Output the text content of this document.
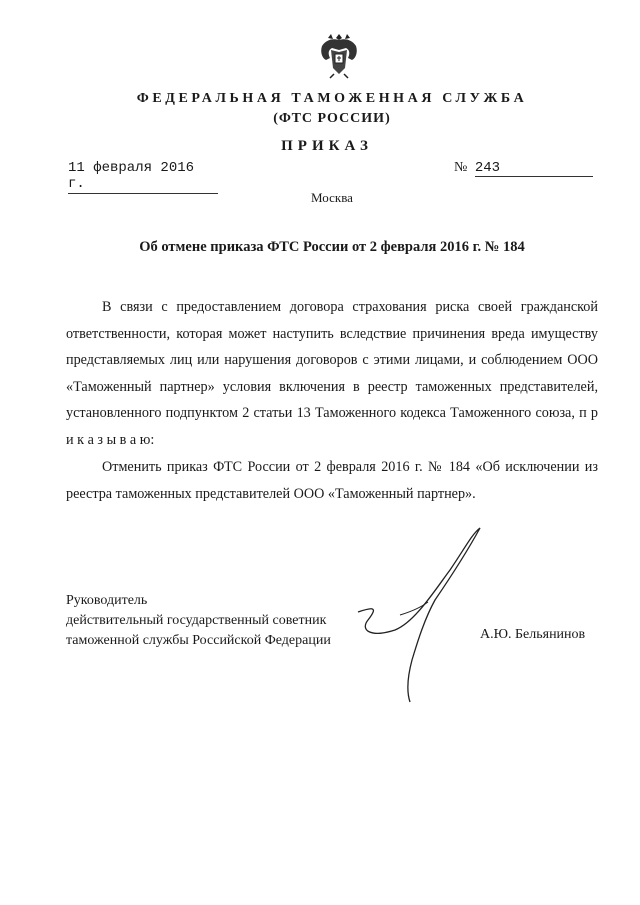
ФЕДЕРАЛЬНАЯ ТАМОЖЕННАЯ СЛУЖБА
(ФТС РОССИИ)
ПРИКАЗ
11 февраля 2016 г.
№ 243
Москва
Об отмене приказа ФТС России от 2 февраля 2016 г. № 184
В связи с предоставлением договора страхования риска своей гражданской ответственности, которая может наступить вследствие причинения вреда имуществу представляемых лиц или нарушения договоров с этими лицами, и соблюдением ООО «Таможенный партнер» условия включения в реестр таможенных представителей, установленного подпунктом 2 статьи 13 Таможенного кодекса Таможенного союза, п р и к а з ы в а ю:
Отменить приказ ФТС России от 2 февраля 2016 г. № 184 «Об исключении из реестра таможенных представителей ООО «Таможенный партнер».
Руководитель
действительный государственный советник
таможенной службы Российской Федерации	А.Ю. Бельянинов
